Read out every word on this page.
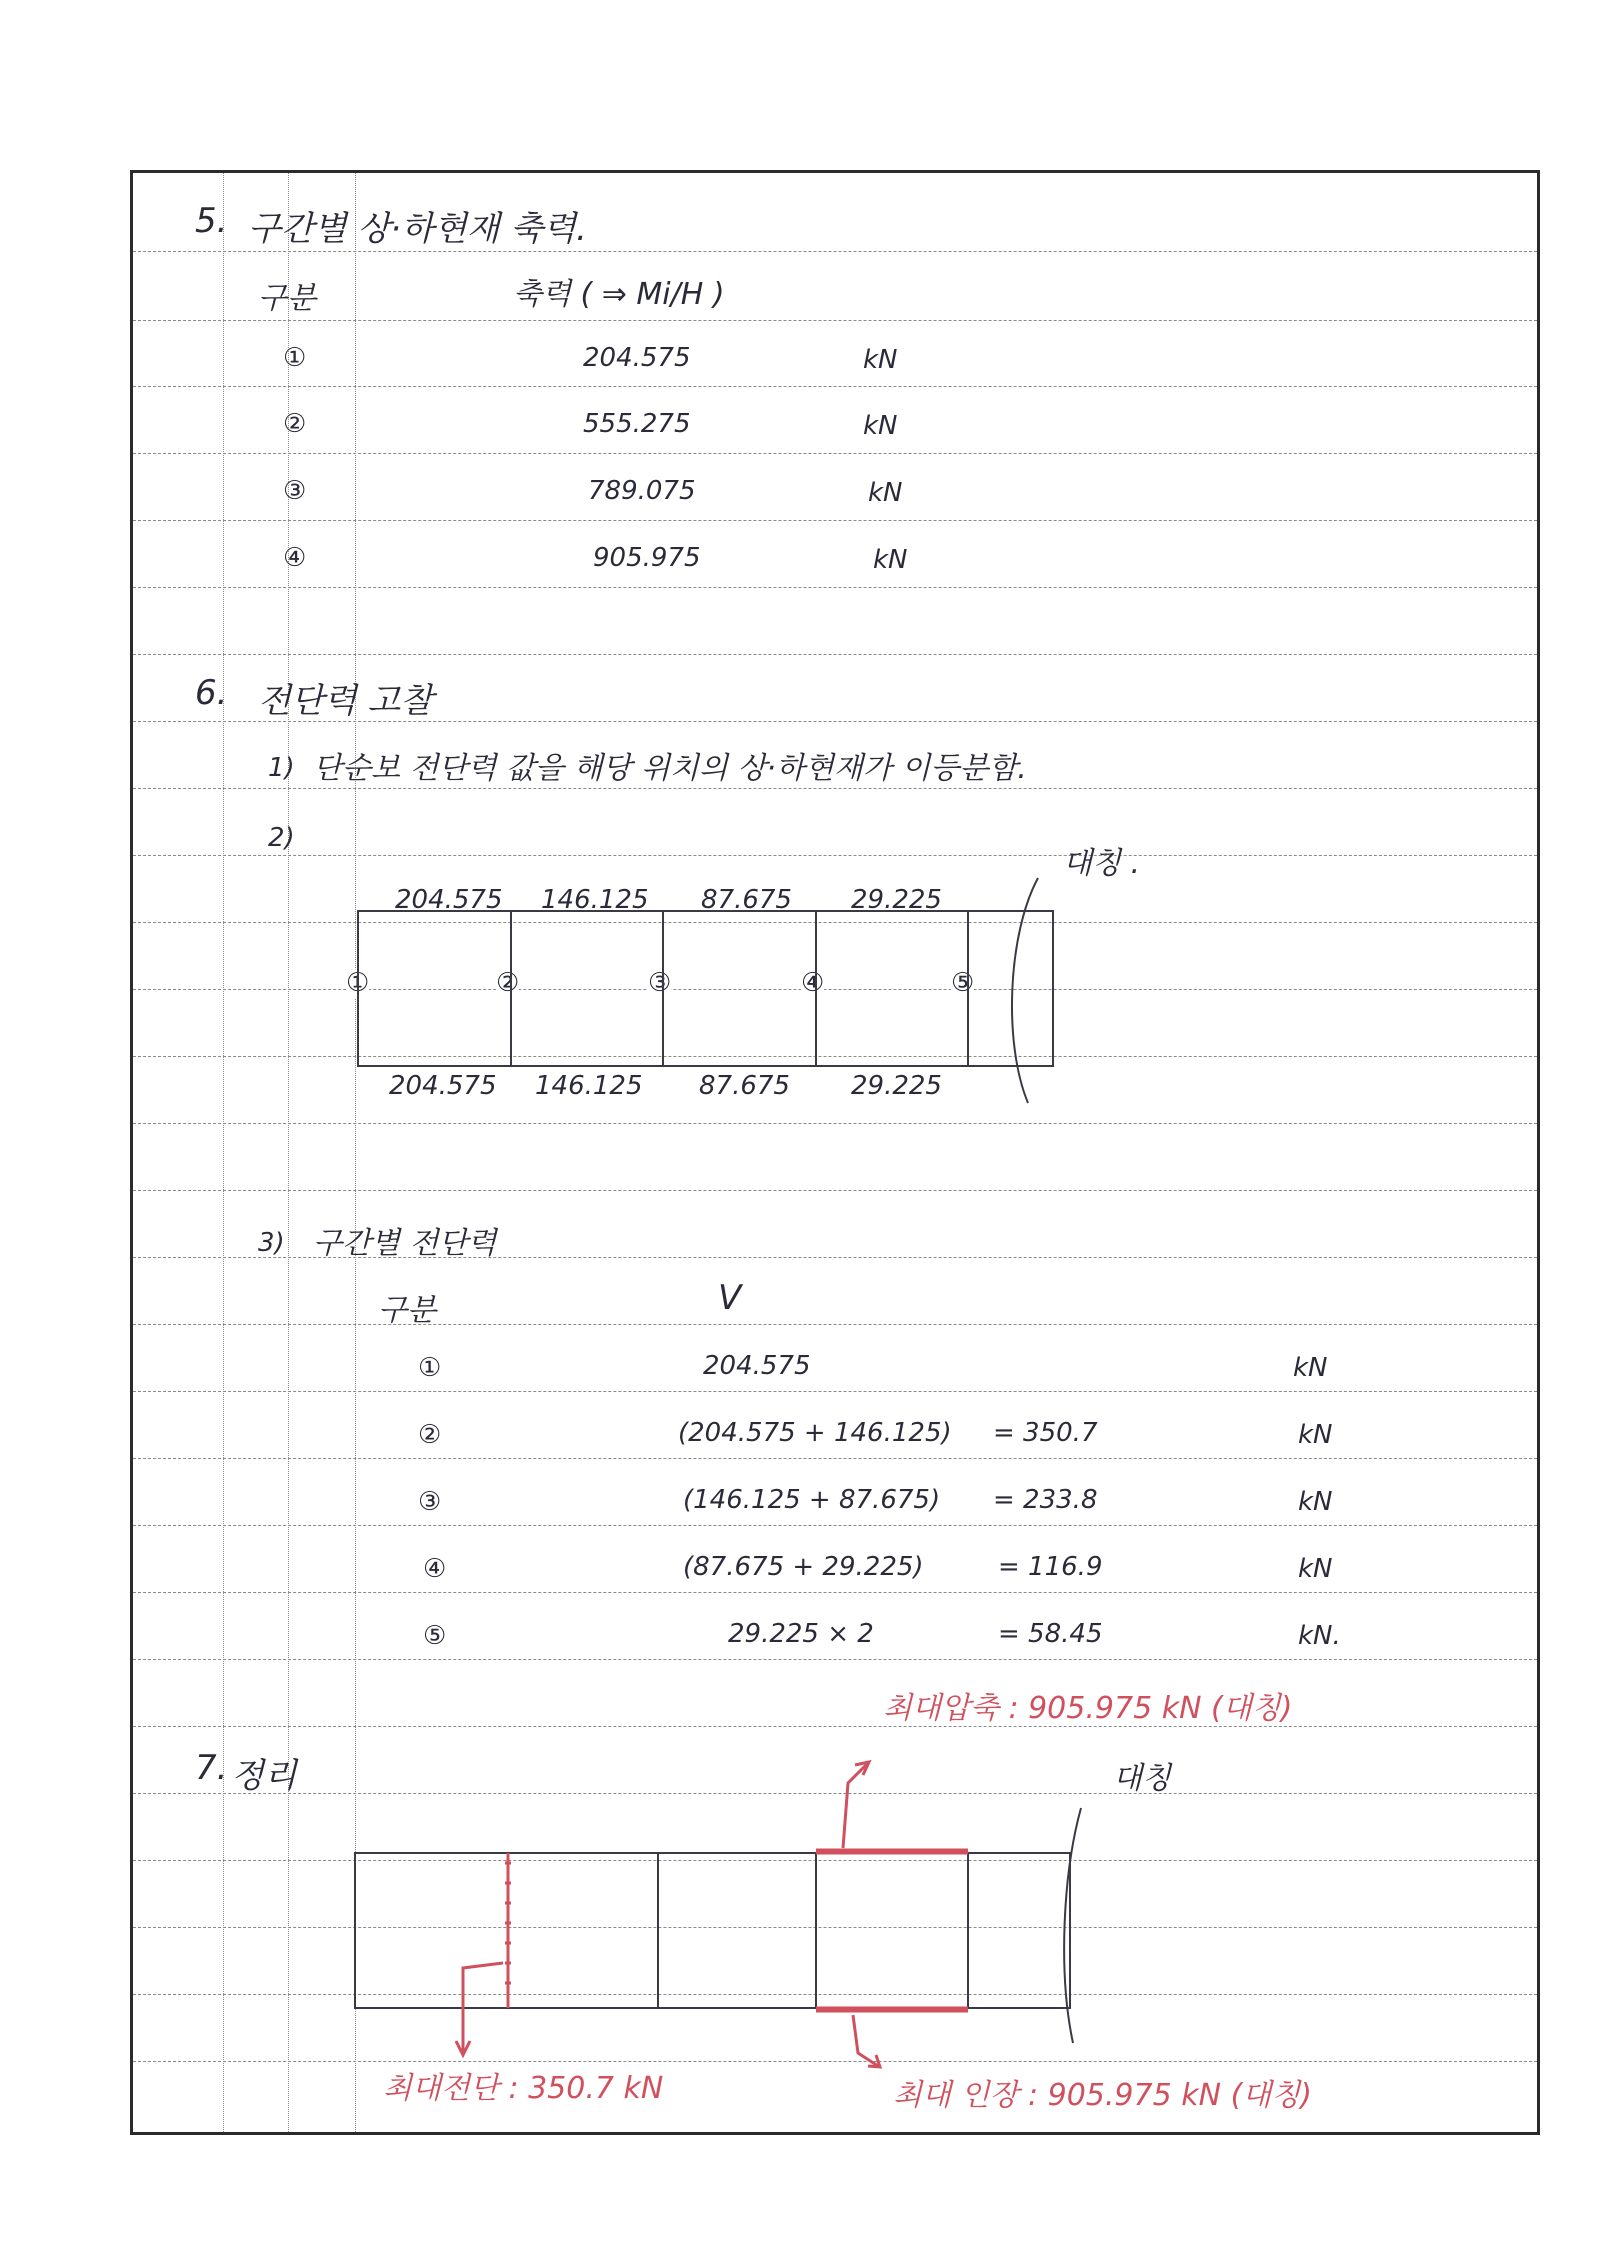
5. 구간별 상·하현재 축력.
구분	축력 ( ⇒ Mi/H )
①	204.575	kN
②	555.275	kN
③	789.075	kN
④	905.975	kN
6. 전단력 고찰
1) 단순보 전단력 값을 해당 위치의 상·하현재가 이등분함.
2)
대칭 .
204.575 146.125 87.675 29.225
204.575 146.125 87.675 29.225
①	②	③	④	⑤
3) 구간별 전단력
구분	V
①	204.575	kN
②	(204.575 + 146.125) = 350.7	kN
③	(146.125 + 87.675) = 233.8	kN
④	(87.675 + 29.225)	= 116.9	kN
⑤	29.225 × 2	= 58.45	kN.
7. 정리
최대압축 : 905.975 kN (대칭)
대칭
최대전단 : 350.7 kN	최대 인장 : 905.975 kN (대칭)
